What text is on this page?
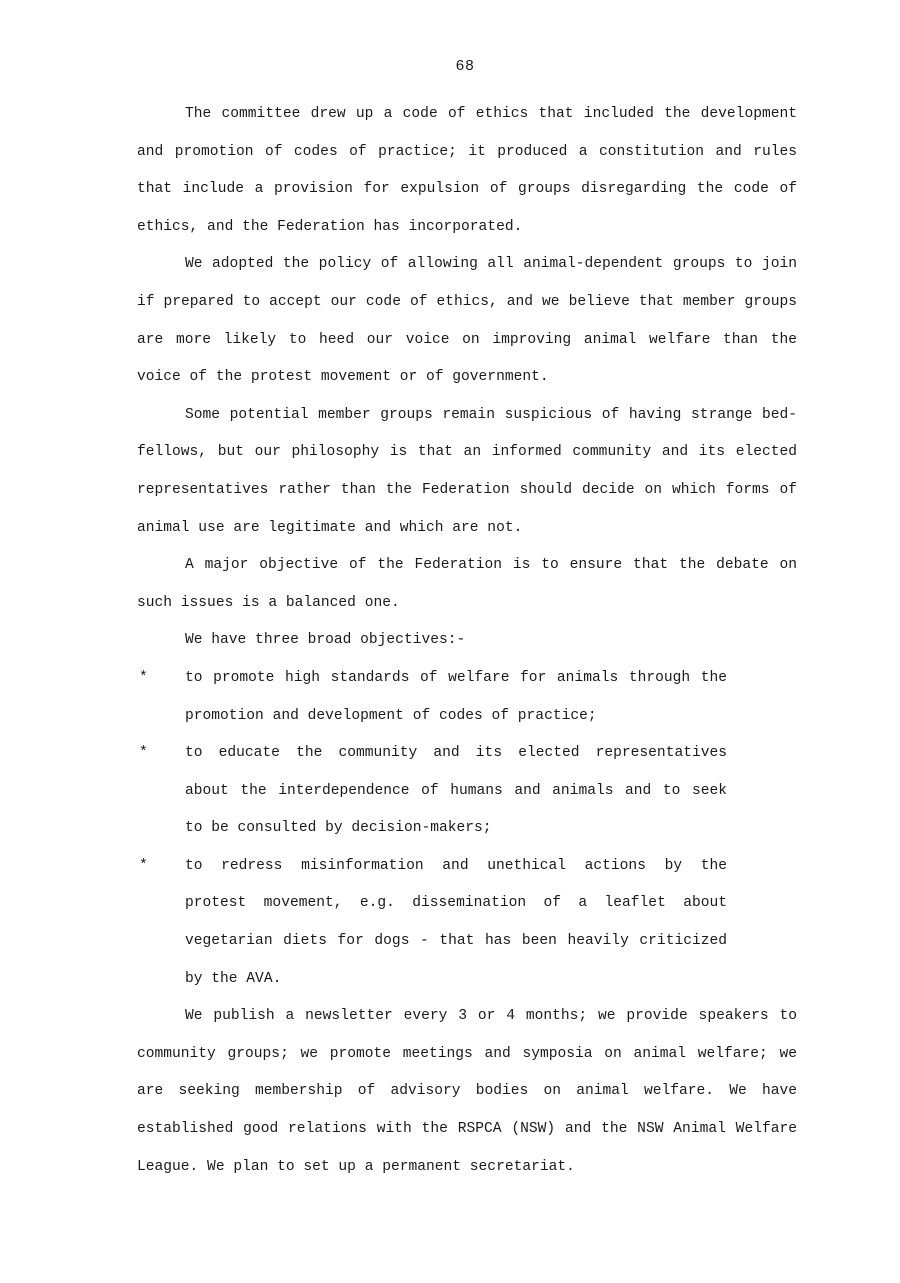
68

The committee drew up a code of ethics that included the development and promotion of codes of practice; it produced a constitution and rules that include a provision for expulsion of groups disregarding the code of ethics, and the Federation has incorporated.

We adopted the policy of allowing all animal-dependent groups to join if prepared to accept our code of ethics, and we believe that member groups are more likely to heed our voice on improving animal welfare than the voice of the protest movement or of government.

Some potential member groups remain suspicious of having strange bed-fellows, but our philosophy is that an informed community and its elected representatives rather than the Federation should decide on which forms of animal use are legitimate and which are not.

A major objective of the Federation is to ensure that the debate on such issues is a balanced one.

We have three broad objectives:-

*	to promote high standards of welfare for animals through the promotion and development of codes of practice;
*	to educate the community and its elected representatives about the interdependence of humans and animals and to seek to be consulted by decision-makers;
*	to redress misinformation and unethical actions by the protest movement, e.g. dissemination of a leaflet about vegetarian diets for dogs - that has been heavily criticized by the AVA.

We publish a newsletter every 3 or 4 months; we provide speakers to community groups; we promote meetings and symposia on animal welfare; we are seeking membership of advisory bodies on animal welfare. We have established good relations with the RSPCA (NSW) and the NSW Animal Welfare League. We plan to set up a permanent secretariat.
